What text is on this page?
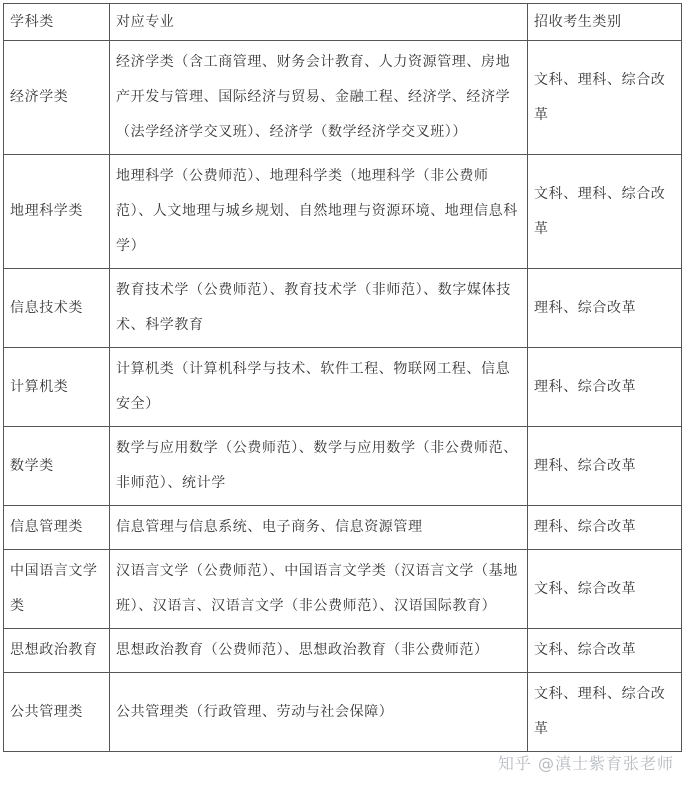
学科类	对应专业	招收考生类别
经济学类	经济学类（含工商管理、财务会计教育、人力资源管理、房地产开发与管理、国际经济与贸易、金融工程、经济学、经济学（法学经济学交叉班）、经济学（数学经济学交叉班））	文科、理科、综合改革
地理科学类	地理科学（公费师范）、地理科学类（地理科学（非公费师范）、人文地理与城乡规划、自然地理与资源环境、地理信息科学）	文科、理科、综合改革
信息技术类	教育技术学（公费师范）、教育技术学（非师范）、数字媒体技术、科学教育	理科、综合改革
计算机类	计算机类（计算机科学与技术、软件工程、物联网工程、信息安全）	理科、综合改革
数学类	数学与应用数学（公费师范）、数学与应用数学（非公费师范、非师范）、统计学	理科、综合改革
信息管理类	信息管理与信息系统、电子商务、信息资源管理	理科、综合改革
中国语言文学类	汉语言文学（公费师范）、中国语言文学类（汉语言文学（基地班）、汉语言、汉语言文学（非公费师范）、汉语国际教育）	文科、综合改革
思想政治教育	思想政治教育（公费师范）、思想政治教育（非公费师范）	文科、综合改革
公共管理类	公共管理类（行政管理、劳动与社会保障）	文科、理科、综合改革
知乎 @滇士紫育张老师
